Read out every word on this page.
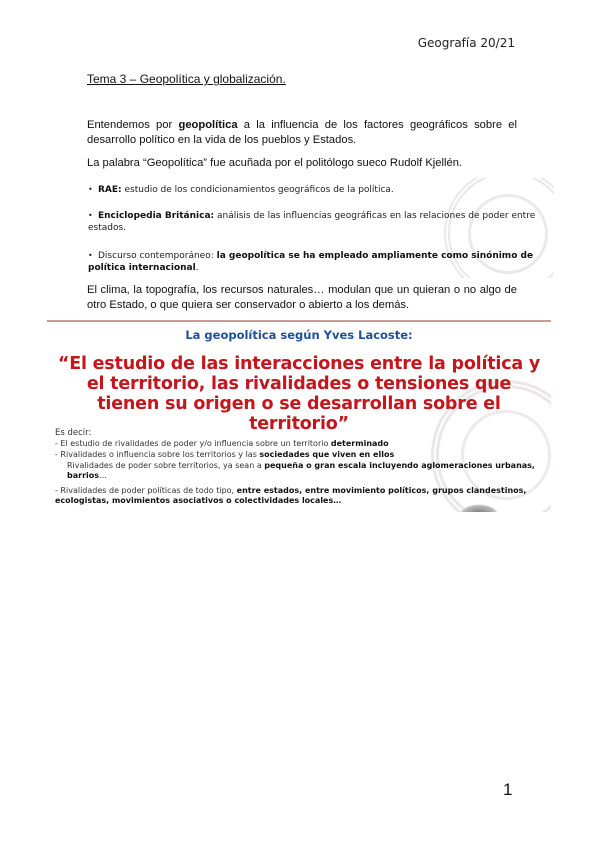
Geografía 20/21
Tema 3 – Geopolítica y globalización.

Entendemos por geopolítica a la influencia de los factores geográficos sobre el desarrollo político en la vida de los pueblos y Estados.

La palabra “Geopolítica” fue acuñada por el politólogo sueco Rudolf Kjellén.

• RAE: estudio de los condicionamientos geográficos de la política.
• Enciclopedia Británica: análisis de las influencias geográficas en las relaciones de poder entre estados.
• Discurso contemporáneo: la geopolítica se ha empleado ampliamente como sinónimo de política internacional.

El clima, la topografía, los recursos naturales… modulan que un quieran o no algo de otro Estado, o que quiera ser conservador o abierto a los demás.

La geopolítica según Yves Lacoste:
“El estudio de las interacciones entre la política y el territorio, las rivalidades o tensiones que tienen su origen o se desarrollan sobre el territorio”
Es decir:
- El estudio de rivalidades de poder y/o influencia sobre un territorio determinado
- Rivalidades o influencia sobre los territorios y las sociedades que viven en ellos
Rivalidades de poder sobre territorios, ya sean a pequeña o gran escala incluyendo aglomeraciones urbanas, barrios…
- Rivalidades de poder políticas de todo tipo, entre estados, entre movimiento políticos, grupos clandestinos, ecologistas, movimientos asociativos o colectividades locales…
1
